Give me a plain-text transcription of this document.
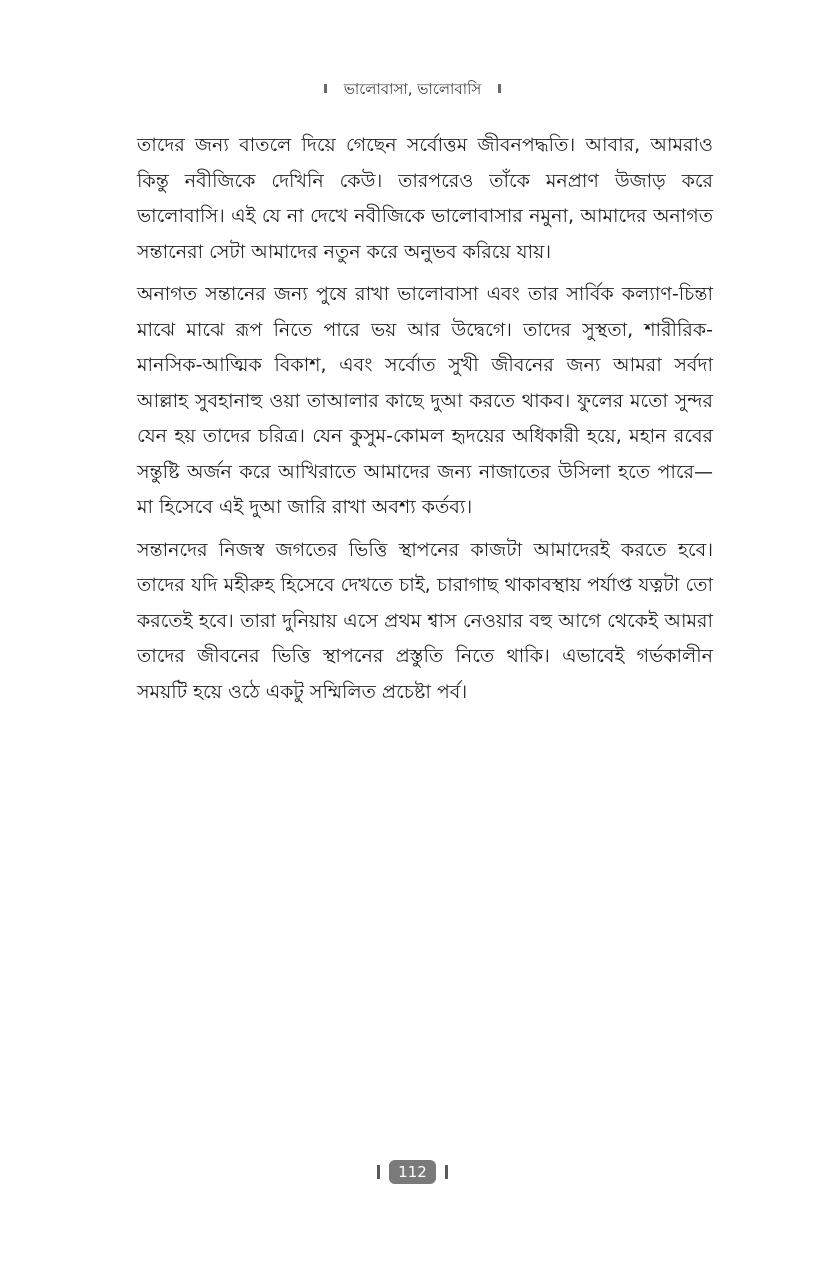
ভালোবাসা, ভালোবাসি

তাদের জন্য বাতলে দিয়ে গেছেন সর্বোত্তম জীবনপদ্ধতি। আবার, আমরাও কিন্তু নবীজিকে দেখিনি কেউ। তারপরেও তাঁকে মনপ্রাণ উজাড় করে ভালোবাসি। এই যে না দেখে নবীজিকে ভালোবাসার নমুনা, আমাদের অনাগত সন্তানেরা সেটা আমাদের নতুন করে অনুভব করিয়ে যায়।

অনাগত সন্তানের জন্য পুষে রাখা ভালোবাসা এবং তার সার্বিক কল্যাণ-চিন্তা মাঝে মাঝে রূপ নিতে পারে ভয় আর উদ্বেগে। তাদের সুস্থতা, শারীরিক-মানসিক-আত্মিক বিকাশ, এবং সর্বোত সুখী জীবনের জন্য আমরা সর্বদা আল্লাহ সুবহানাহু ওয়া তাআলার কাছে দুআ করতে থাকব। ফুলের মতো সুন্দর যেন হয় তাদের চরিত্র। যেন কুসুম-কোমল হৃদয়ের অধিকারী হয়ে, মহান রবের সন্তুষ্টি অর্জন করে আখিরাতে আমাদের জন্য নাজাতের উসিলা হতে পারে—মা হিসেবে এই দুআ জারি রাখা অবশ্য কর্তব্য।

সন্তানদের নিজস্ব জগতের ভিত্তি স্থাপনের কাজটা আমাদেরই করতে হবে। তাদের যদি মহীরুহ হিসেবে দেখতে চাই, চারাগাছ থাকাবস্থায় পর্যাপ্ত যত্নটা তো করতেই হবে। তারা দুনিয়ায় এসে প্রথম শ্বাস নেওয়ার বহু আগে থেকেই আমরা তাদের জীবনের ভিত্তি স্থাপনের প্রস্তুতি নিতে থাকি। এভাবেই গর্ভকালীন সময়টি হয়ে ওঠে একটু সম্মিলিত প্রচেষ্টা পর্ব।

112
